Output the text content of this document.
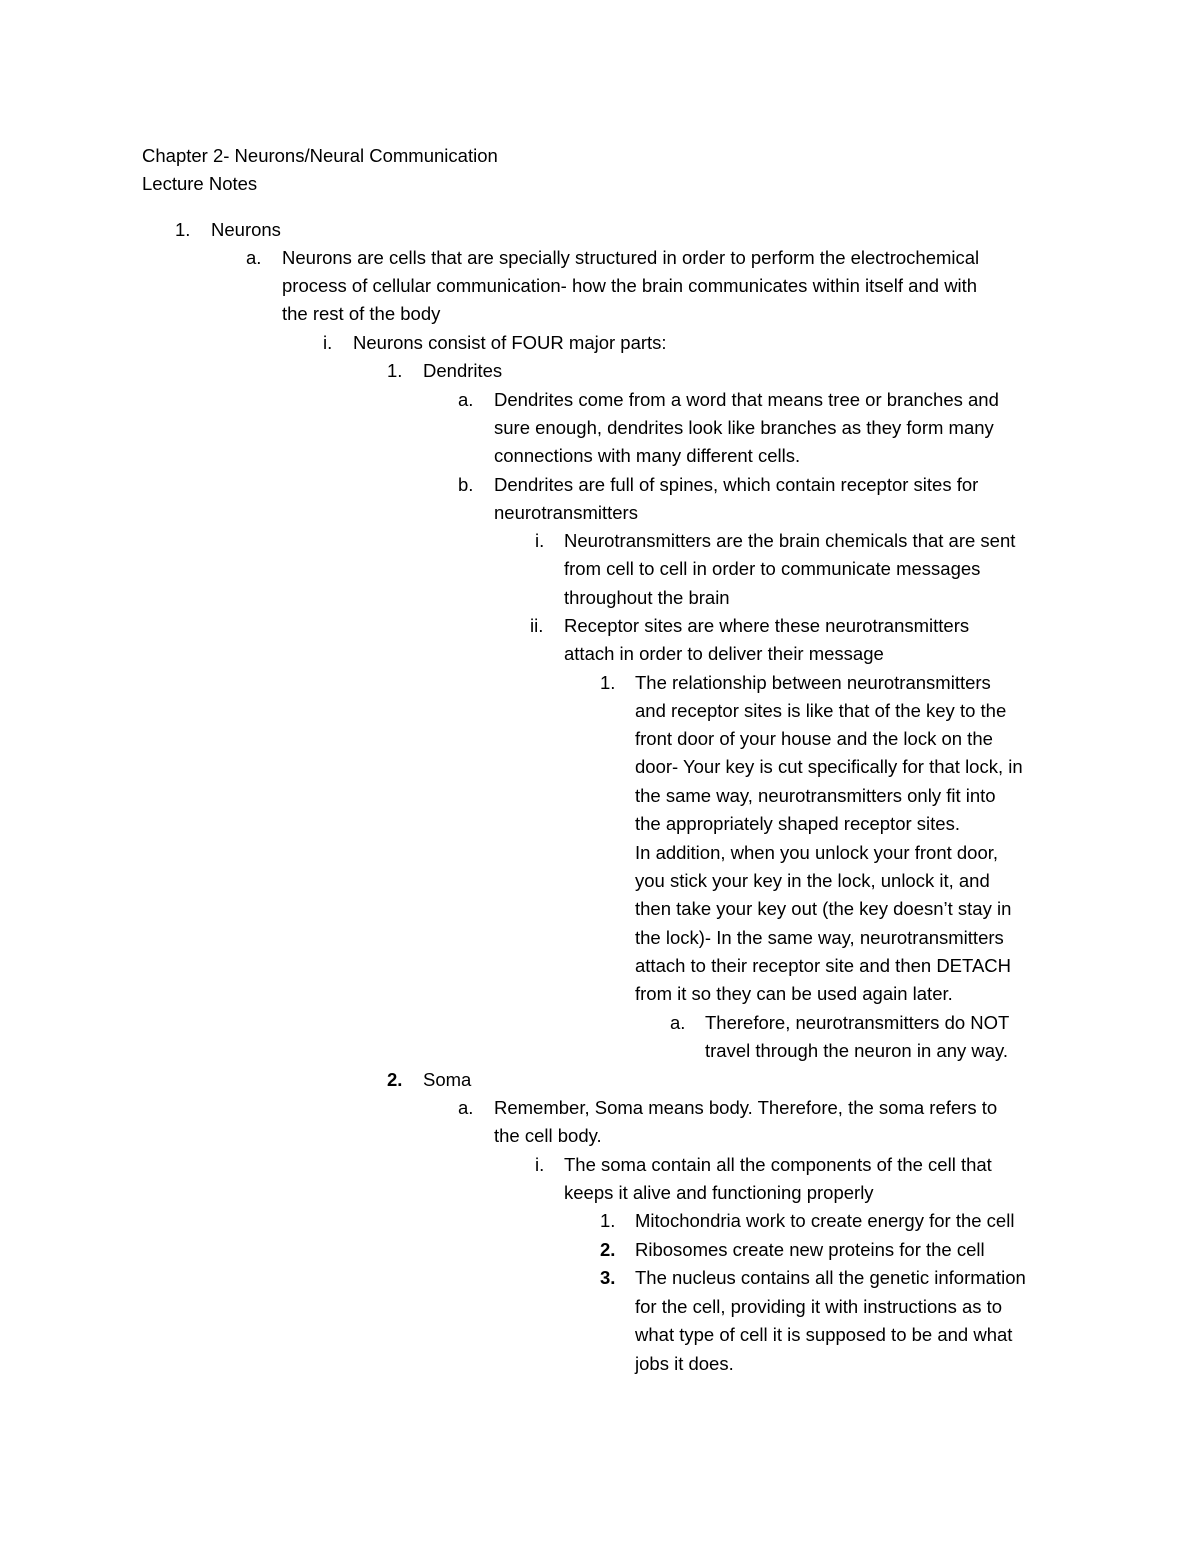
Chapter 2- Neurons/Neural Communication

Lecture Notes

1. Neurons

a. Neurons are cells that are specially structured in order to perform the electrochemical

process of cellular communication- how the brain communicates within itself and with

the rest of the body

i. Neurons consist of FOUR major parts:

1. Dendrites

a. Dendrites come from a word that means tree or branches and

sure enough, dendrites look like branches as they form many

connections with many different cells.

b. Dendrites are full of spines, which contain receptor sites for

neurotransmitters

i. Neurotransmitters are the brain chemicals that are sent

from cell to cell in order to communicate messages

throughout the brain

ii. Receptor sites are where these neurotransmitters

attach in order to deliver their message

1. The relationship between neurotransmitters

and receptor sites is like that of the key to the

front door of your house and the lock on the

door- Your key is cut specifically for that lock, in

the same way, neurotransmitters only fit into

the appropriately shaped receptor sites.

In addition, when you unlock your front door,

you stick your key in the lock, unlock it, and

then take your key out (the key doesn’t stay in

the lock)- In the same way, neurotransmitters

attach to their receptor site and then DETACH

from it so they can be used again later.

a. Therefore, neurotransmitters do NOT

travel through the neuron in any way.

2. Soma

a. Remember, Soma means body. Therefore, the soma refers to

the cell body.

i. The soma contain all the components of the cell that

keeps it alive and functioning properly

1. Mitochondria work to create energy for the cell

2. Ribosomes create new proteins for the cell

3. The nucleus contains all the genetic information

for the cell, providing it with instructions as to

what type of cell it is supposed to be and what

jobs it does.
